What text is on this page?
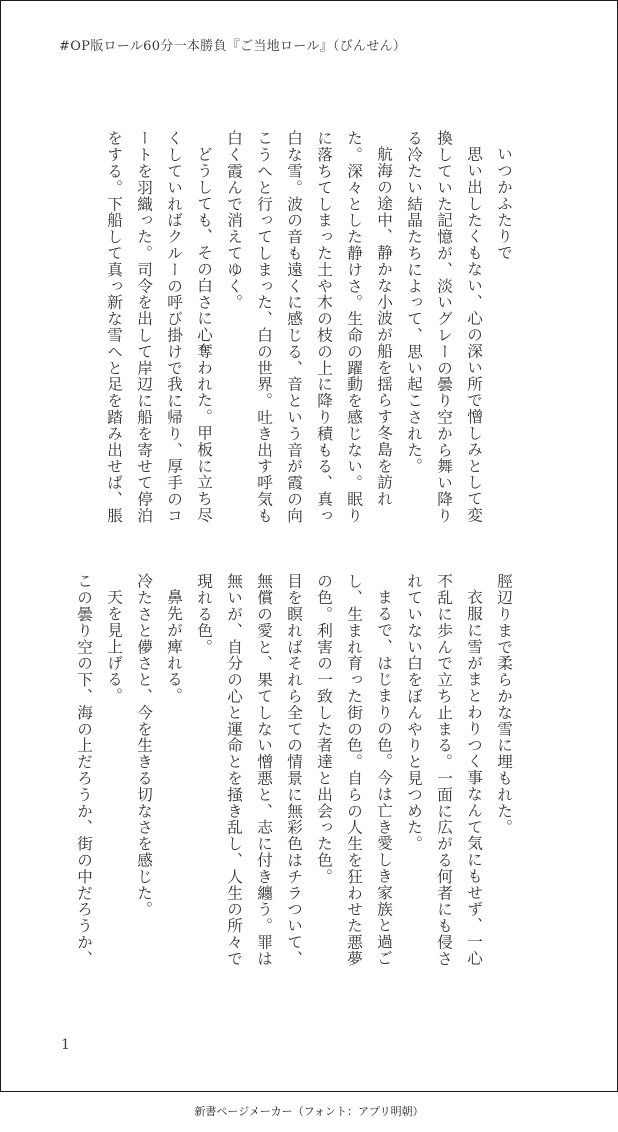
#OP版ロール60分一本勝負『ご当地ロール』（びんせん）

いつかふたりで

思い出したくもない、心の深い所で憎しみとして変換していた記憶が、淡いグレーの曇り空から舞い降りる冷たい結晶たちによって、思い起こされた。

航海の途中、静かな小波が船を揺らす冬島を訪れた。深々とした静けさ。生命の躍動を感じない。眠りに落ちてしまった土や木の枝の上に降り積もる、真っ白な雪。波の音も遠くに感じる、音という音が霞の向こうへと行ってしまった、白の世界。吐き出す呼気も白く霞んで消えてゆく。

どうしても、その白さに心奪われた。甲板に立ち尽くしていればクルーの呼び掛けで我に帰り、厚手のコートを羽織った。司令を出して岸辺に船を寄せて停泊をする。下船して真っ新な雪へと足を踏み出せば、脹

脛辺りまで柔らかな雪に埋もれた。

衣服に雪がまとわりつく事なんて気にもせず、一心不乱に歩んで立ち止まる。一面に広がる何者にも侵されていない白をぼんやりと見つめた。

まるで、はじまりの色。今は亡き愛しき家族と過ごし、生まれ育った街の色。自らの人生を狂わせた悪夢の色。利害の一致した者達と出会った色。

目を瞑ればそれら全ての情景に無彩色はチラついて、無償の愛と、果てしない憎悪と、志に付き纏う。罪は無いが、自分の心と運命とを掻き乱し、人生の所々で現れる色。

鼻先が痺れる。

冷たさと儚さと、今を生きる切なさを感じた。

天を見上げる。

この曇り空の下、海の上だろうか、街の中だろうか、

1
新書ページメーカー（フォント：アプリ明朝）
